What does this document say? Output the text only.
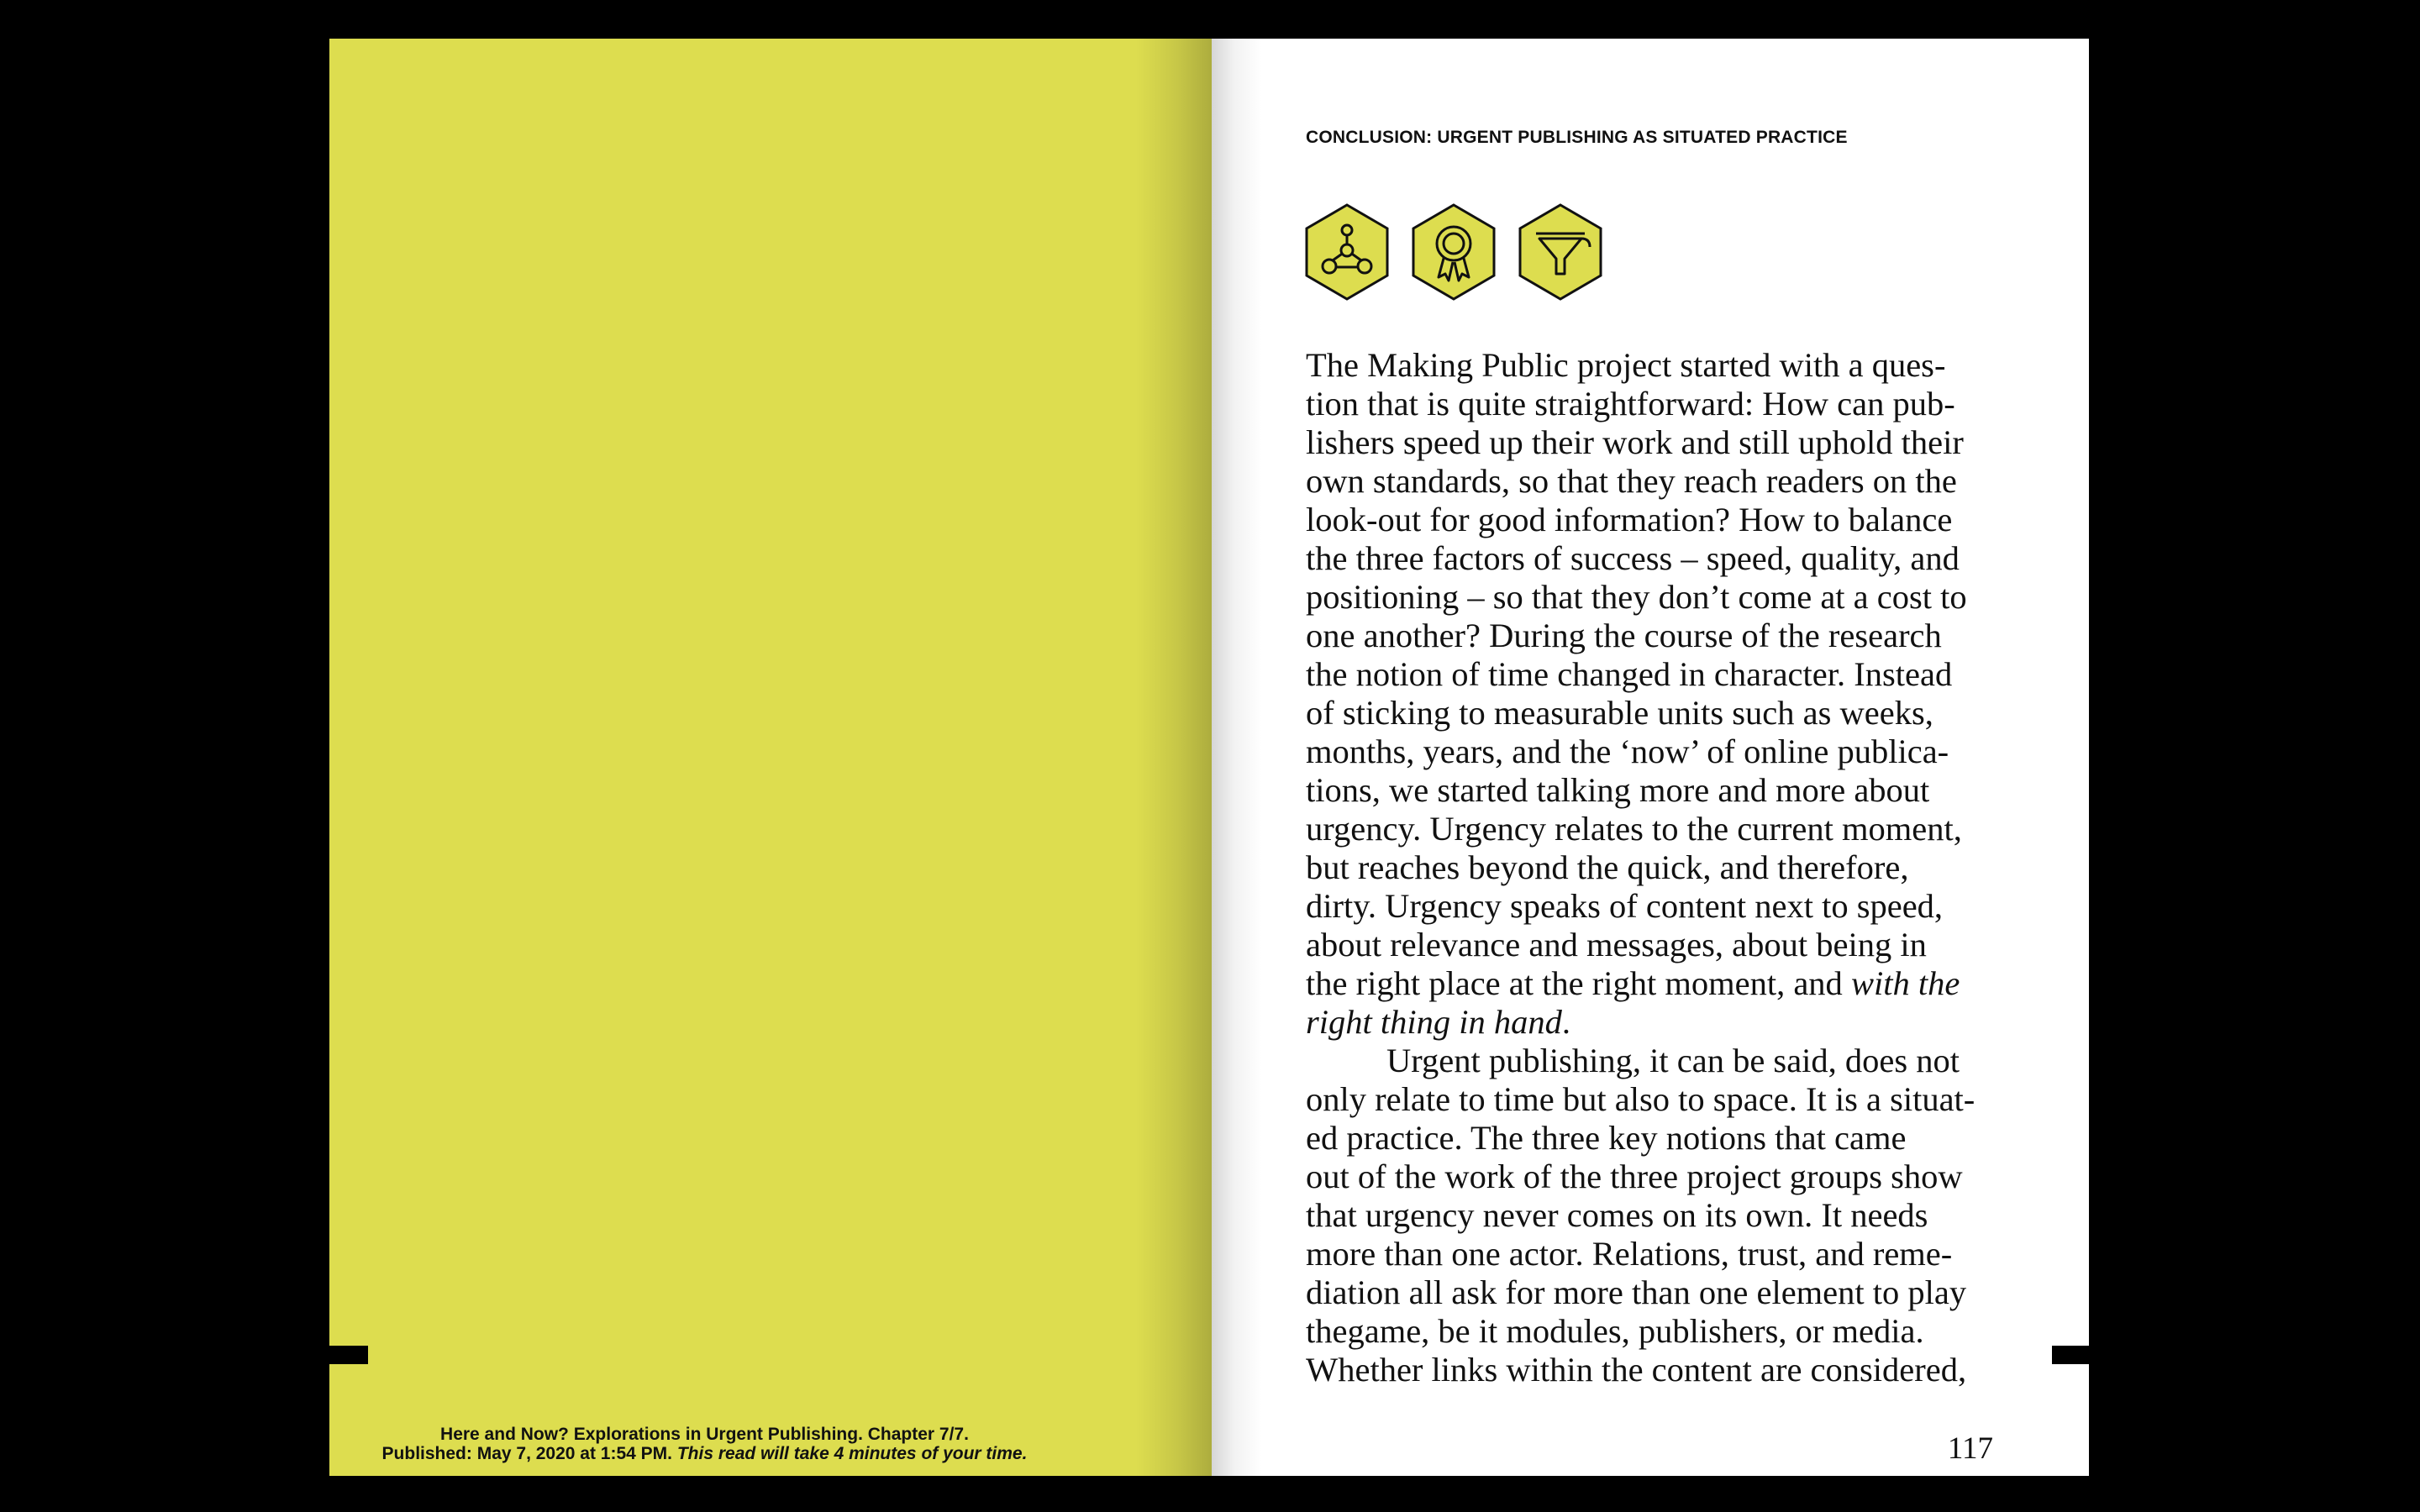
Here and Now? Explorations in Urgent Publishing. Chapter 7/7.
Published: May 7, 2020 at 1:54 PM. This read will take 4 minutes of your time.
CONCLUSION: URGENT PUBLISHING AS SITUATED PRACTICE
The Making Public project started with a ques-
tion that is quite straightforward: How can pub-
lishers speed up their work and still uphold their
own standards, so that they reach readers on the
look-out for good information? How to balance
the three factors of success – speed, quality, and
positioning – so that they don’t come at a cost to
one another? During the course of the research
the notion of time changed in character. Instead
of sticking to measurable units such as weeks,
months, years, and the ‘now’ of online publica-
tions, we started talking more and more about
urgency. Urgency relates to the current moment,
but reaches beyond the quick, and therefore,
dirty. Urgency speaks of content next to speed,
about relevance and messages, about being in
the right place at the right moment, and with the
right thing in hand.
Urgent publishing, it can be said, does not
only relate to time but also to space. It is a situat-
ed practice. The three key notions that came
out of the work of the three project groups show
that urgency never comes on its own. It needs
more than one actor. Relations, trust, and reme-
diation all ask for more than one element to play
thegame, be it modules, publishers, or media.
Whether links within the content are considered,
117
